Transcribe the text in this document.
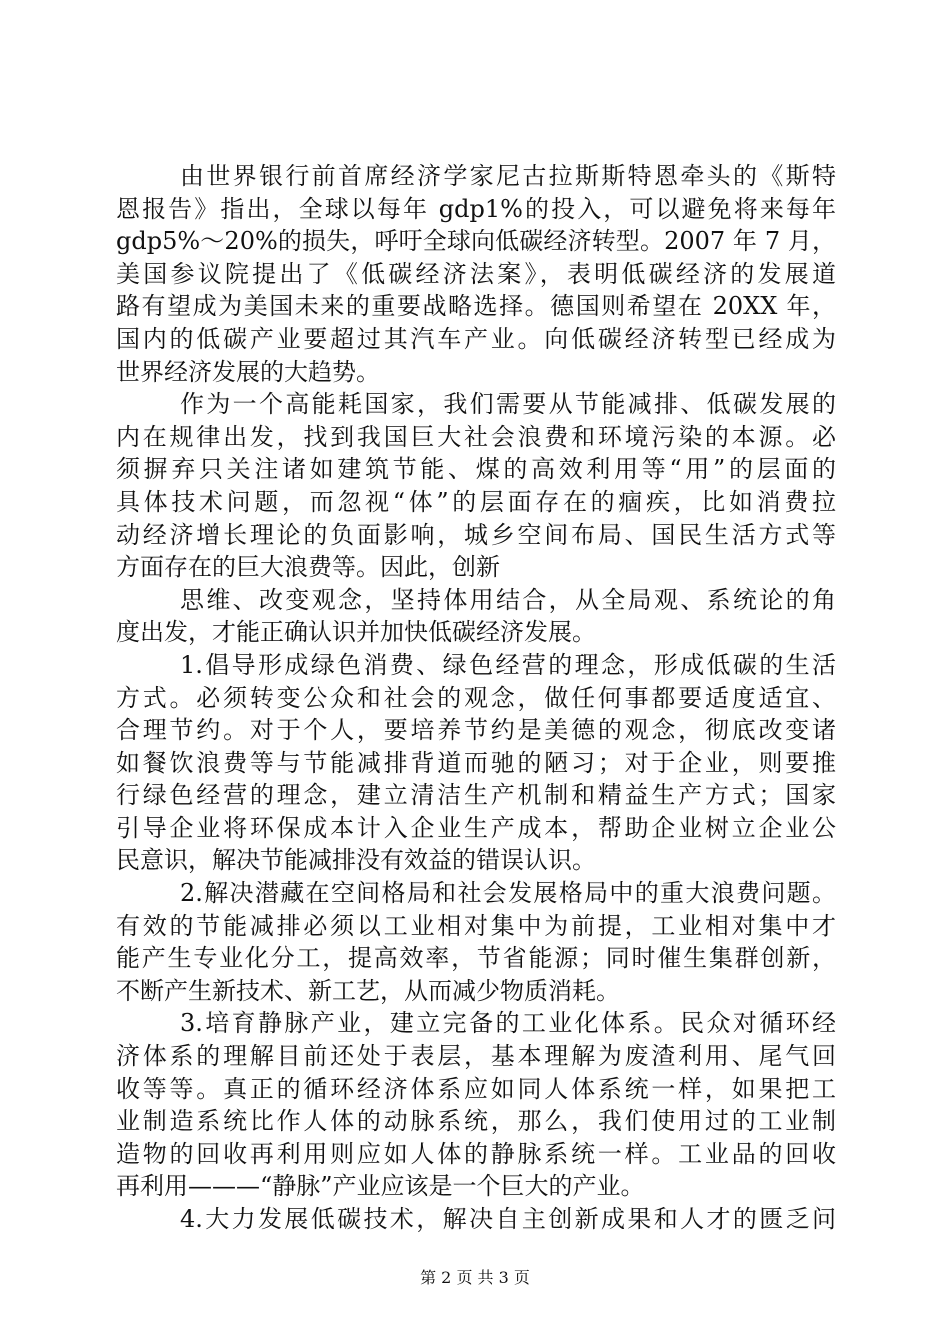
由世界银行前首席经济学家尼古拉斯斯特恩牵头的《斯特
恩报告》指出，全球以每年 gdp1%的投入，可以避免将来每年
gdp5%～20%的损失，呼吁全球向低碳经济转型。2007 年 7 月，
美国参议院提出了《低碳经济法案》，表明低碳经济的发展道
路有望成为美国未来的重要战略选择。德国则希望在 20XX 年，
国内的低碳产业要超过其汽车产业。向低碳经济转型已经成为
世界经济发展的大趋势。
作为一个高能耗国家，我们需要从节能减排、低碳发展的
内在规律出发，找到我国巨大社会浪费和环境污染的本源。必
须摒弃只关注诸如建筑节能、煤的高效利用等“用”的层面的
具体技术问题，而忽视“体”的层面存在的痼疾，比如消费拉
动经济增长理论的负面影响，城乡空间布局、国民生活方式等
方面存在的巨大浪费等。因此，创新
思维、改变观念，坚持体用结合，从全局观、系统论的角
度出发，才能正确认识并加快低碳经济发展。
1.倡导形成绿色消费、绿色经营的理念，形成低碳的生活
方式。必须转变公众和社会的观念，做任何事都要适度适宜、
合理节约。对于个人，要培养节约是美德的观念，彻底改变诸
如餐饮浪费等与节能减排背道而驰的陋习；对于企业，则要推
行绿色经营的理念，建立清洁生产机制和精益生产方式；国家
引导企业将环保成本计入企业生产成本，帮助企业树立企业公
民意识，解决节能减排没有效益的错误认识。
2.解决潜藏在空间格局和社会发展格局中的重大浪费问题。
有效的节能减排必须以工业相对集中为前提，工业相对集中才
能产生专业化分工，提高效率，节省能源；同时催生集群创新，
不断产生新技术、新工艺，从而减少物质消耗。
3.培育静脉产业，建立完备的工业化体系。民众对循环经
济体系的理解目前还处于表层，基本理解为废渣利用、尾气回
收等等。真正的循环经济体系应如同人体系统一样，如果把工
业制造系统比作人体的动脉系统，那么，我们使用过的工业制
造物的回收再利用则应如人体的静脉系统一样。工业品的回收
再利用———“静脉”产业应该是一个巨大的产业。
4.大力发展低碳技术，解决自主创新成果和人才的匮乏问
第 2 页 共 3 页
